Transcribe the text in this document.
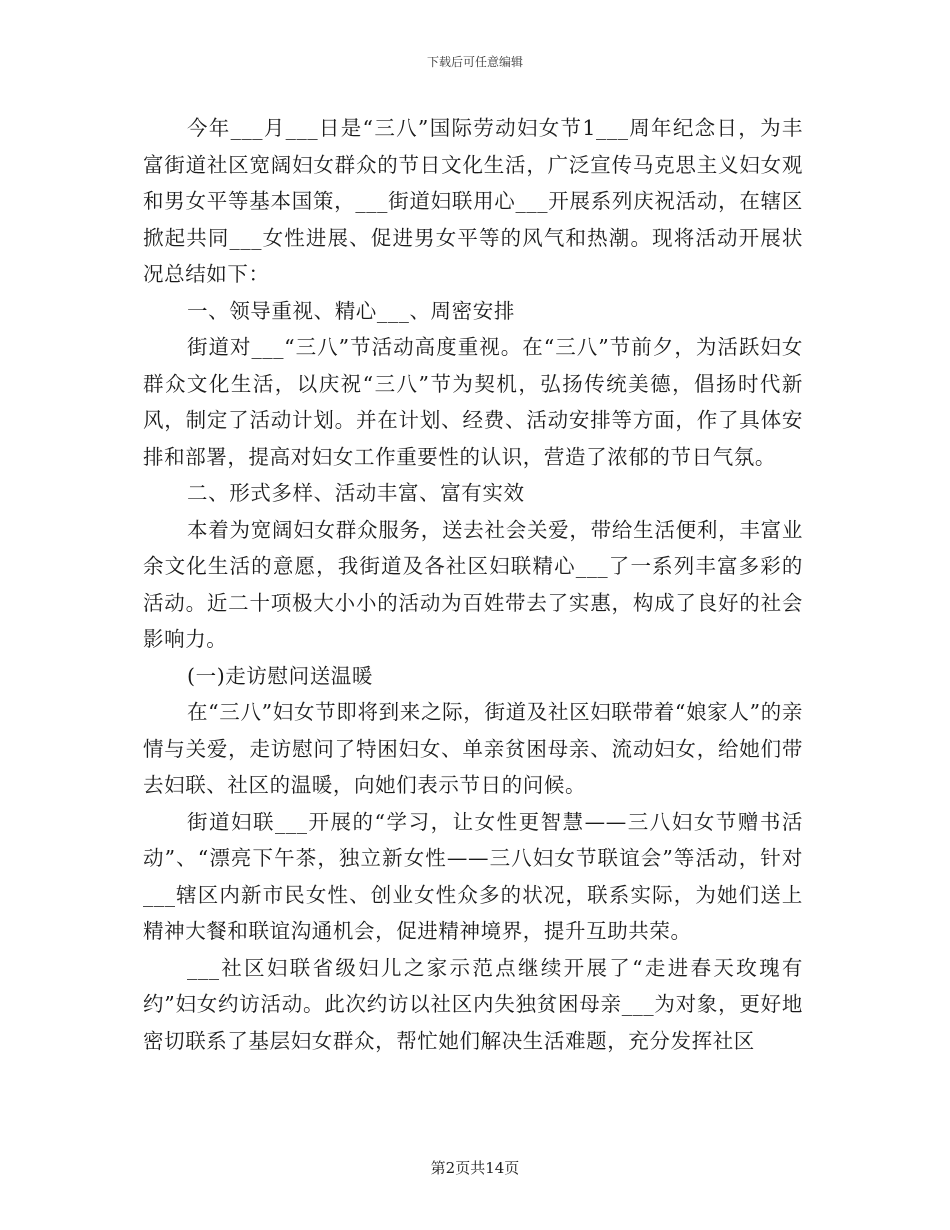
下载后可任意编辑

今年___月___日是“三八”国际劳动妇女节1___周年纪念日，为丰富街道社区宽阔妇女群众的节日文化生活，广泛宣传马克思主义妇女观和男女平等基本国策，___街道妇联用心___开展系列庆祝活动，在辖区掀起共同___女性进展、促进男女平等的风气和热潮。现将活动开展状况总结如下：

一、领导重视、精心___、周密安排

街道对___“三八”节活动高度重视。在“三八”节前夕，为活跃妇女群众文化生活，以庆祝“三八”节为契机，弘扬传统美德，倡扬时代新风，制定了活动计划。并在计划、经费、活动安排等方面，作了具体安排和部署，提高对妇女工作重要性的认识，营造了浓郁的节日气氛。

二、形式多样、活动丰富、富有实效

本着为宽阔妇女群众服务，送去社会关爱，带给生活便利，丰富业余文化生活的意愿，我街道及各社区妇联精心___了一系列丰富多彩的活动。近二十项极大小小的活动为百姓带去了实惠，构成了良好的社会影响力。

(一)走访慰问送温暖

在“三八”妇女节即将到来之际，街道及社区妇联带着“娘家人”的亲情与关爱，走访慰问了特困妇女、单亲贫困母亲、流动妇女，给她们带去妇联、社区的温暖，向她们表示节日的问候。

街道妇联___开展的“学习，让女性更智慧——三八妇女节赠书活动”、“漂亮下午茶，独立新女性——三八妇女节联谊会”等活动，针对___辖区内新市民女性、创业女性众多的状况，联系实际，为她们送上精神大餐和联谊沟通机会，促进精神境界，提升互助共荣。

___社区妇联省级妇儿之家示范点继续开展了“走进春天玫瑰有约”妇女约访活动。此次约访以社区内失独贫困母亲___为对象，更好地密切联系了基层妇女群众，帮忙她们解决生活难题，充分发挥社区

第2页共14页
